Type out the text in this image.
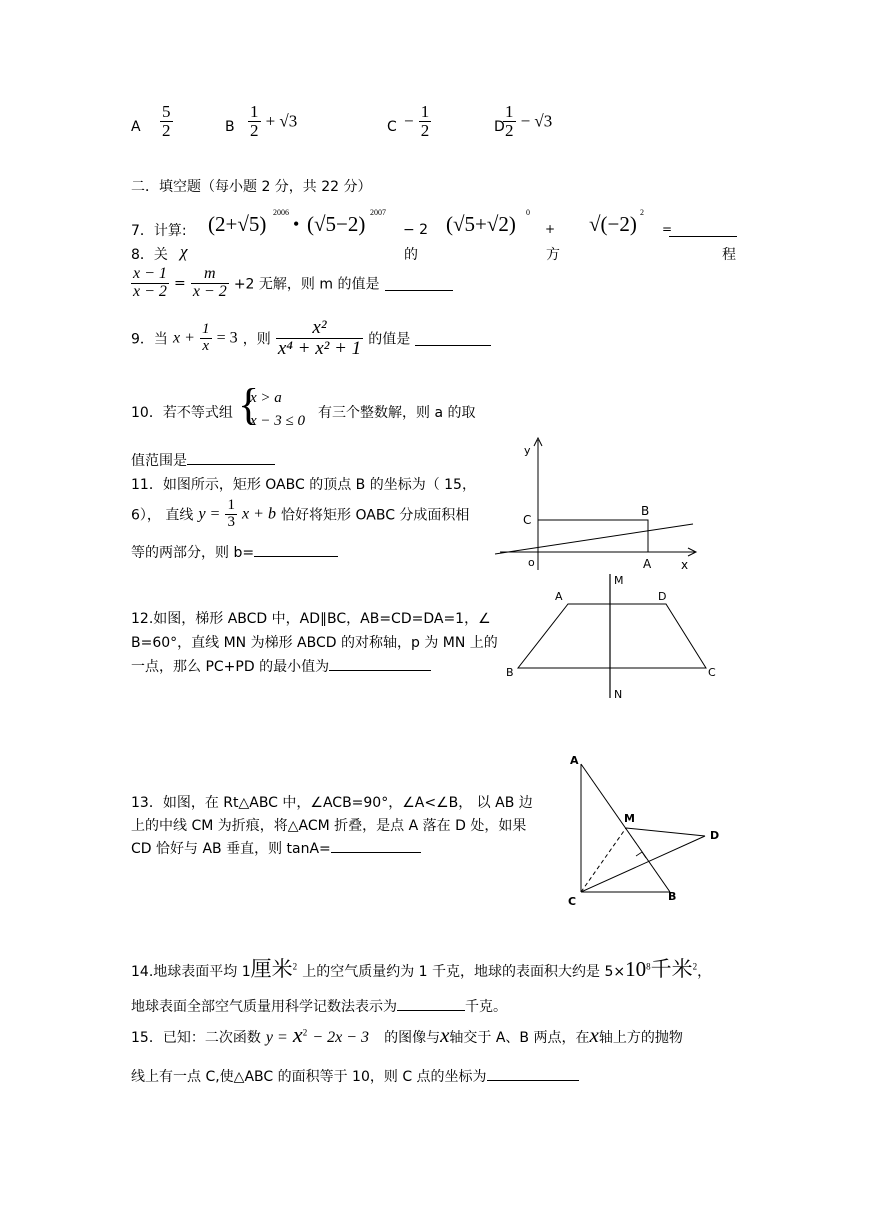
A $\frac{5}{2}$	B $\frac{1}{2} + √3$	$C - \frac{1}{2}$	D
$\frac{1}{2} - √3$
二．填空题（每小题 2 分，共 22 分）
7．计算: (2+√5) 2006
• (√5−2) 2007
− 2 (√5+√2) 0
+ √(−2) 2
=
8．关 χ	的	方	程
$\frac{x - 1}{x - 2} = \frac{m}{x - 2} +2$ 无解，则 m 的值是
9．当 $x + \frac{1}{x} = 3$ ，则 $\frac{\text{x²}}{\text{x⁴ + x² + 1}}$ 的值是
10．若不等式组 {
x > a
x − 3 ≤ 0 有三个整数解，则 a 的取
值范围是
11．如图所示，矩形 OABC 的顶点 B 的坐标为（ 15，
6）， 直线 $y = \frac{1}{3}$ x + b 恰好将矩形 OABC 分成面积相
等的两部分，则 b=
y
x
o	A
B
C
12.如图，梯形 ABCD 中，AD∥BC，AB=CD=DA=1，∠
B=60°，直线 MN 为梯形 ABCD 的对称轴，p 为 MN 上的
一点，那么 PC+PD 的最小值为
A	D
B	C
M
N
13．如图，在 Rt△ABC 中，∠ACB=90°，∠A<∠B， 以 AB 边
上的中线 CM 为折痕，将△ACM 折叠，是点 A 落在 D 处，如果
CD 恰好与 AB 垂直，则 tanA=
A
B
C
D
M
14.地球表面平均 1厘米$^2$ 上的空气质量约为 1 千克，地球的表面积大约是 $5\times 10^8$千米$^2$，
地球表面全部空气质量用科学记数法表示为	千克。
15．已知：二次函数 $y = x^2 - 2x - 3$ 的图像与x轴交于 A、B 两点，在x轴上方的抛物
线上有一点 C,使△ABC 的面积等于 10，则 C 点的坐标为
